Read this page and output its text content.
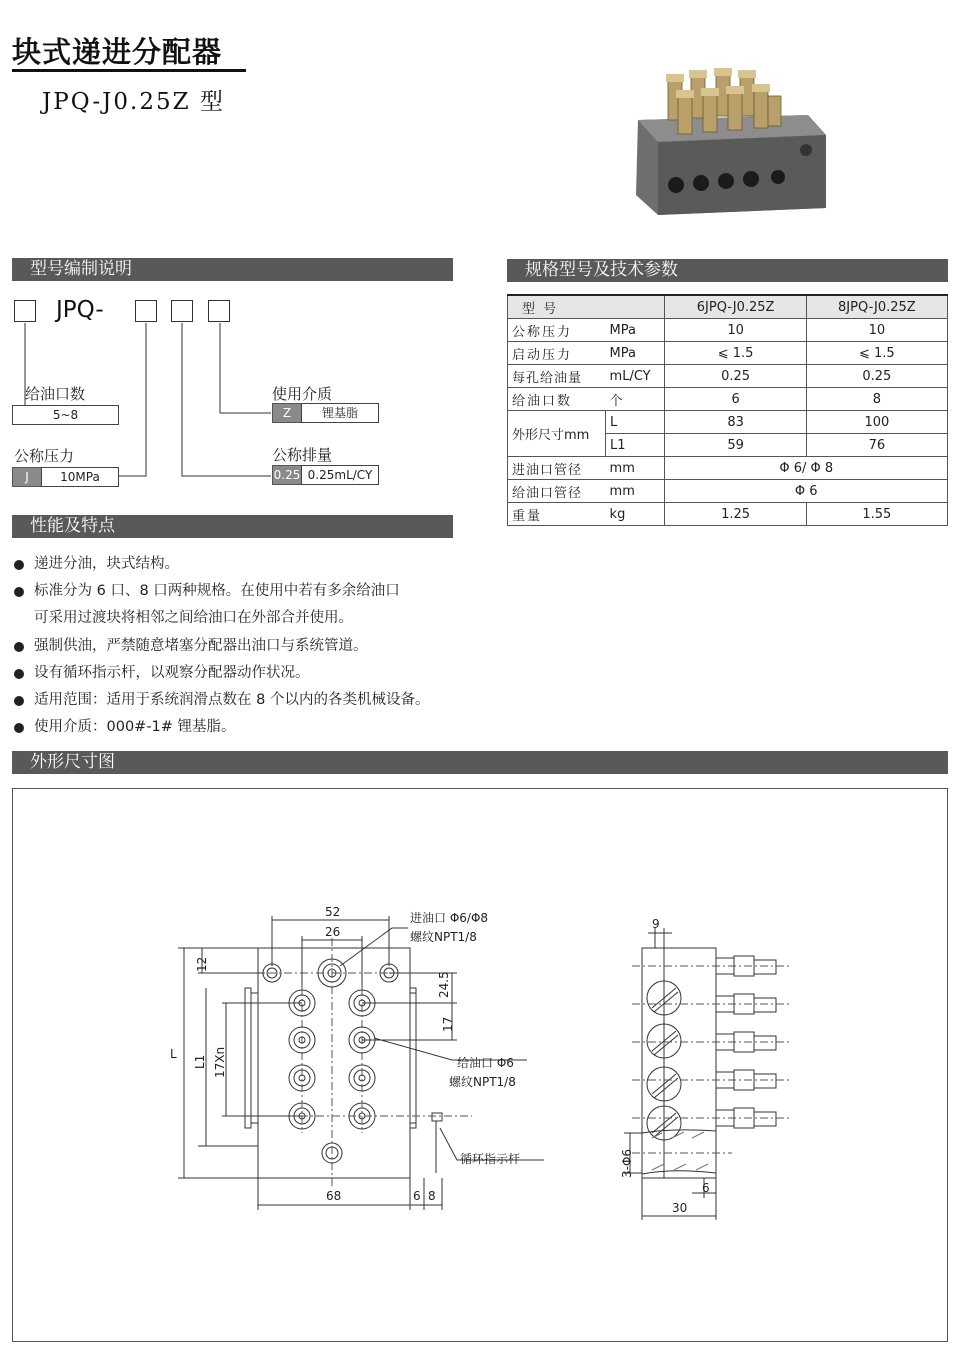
块式递进分配器
JPQ-J0.25Z 型
型号编制说明	规格型号及技术参数
性能及特点
外形尺寸图
JPQ-
给油口数
5~8
公称压力
J	10MPa
使用介质
Z	锂基脂
公称排量
0.25 0.25mL/CY
递进分油，块式结构。
标准分为 6 口、8 口两种规格。在使用中若有多余给油口
可采用过渡块将相邻之间给油口在外部合并使用。
强制供油，严禁随意堵塞分配器出油口与系统管道。
设有循环指示杆，以观察分配器动作状况。
适用范围：适用于系统润滑点数在 8 个以内的各类机械设备。
使用介质：000#-1# 锂基脂。
型 号		6JPQ-J0.25Z	8JPQ-J0.25Z
公称压力	MPa	10	10
启动压力	MPa	⩽ 1.5	⩽ 1.5
每孔给油量	mL/CY	0.25	0.25
给油口数	个	6	8
外形尺寸mm	L	83	100
	L1	59	76
进油口管径	mm	Φ 6/ Φ 8	
给油口管径	mm	Φ 6	
重量	kg	1.25	1.55
52
26
12
L
L1 17Xn
24.5
17
68	6 8
进油口 Φ6/Φ8
螺纹NPT1/8
给油口 Φ6
螺纹NPT1/8
循环指示杆
9
3-Φ6
6
30
